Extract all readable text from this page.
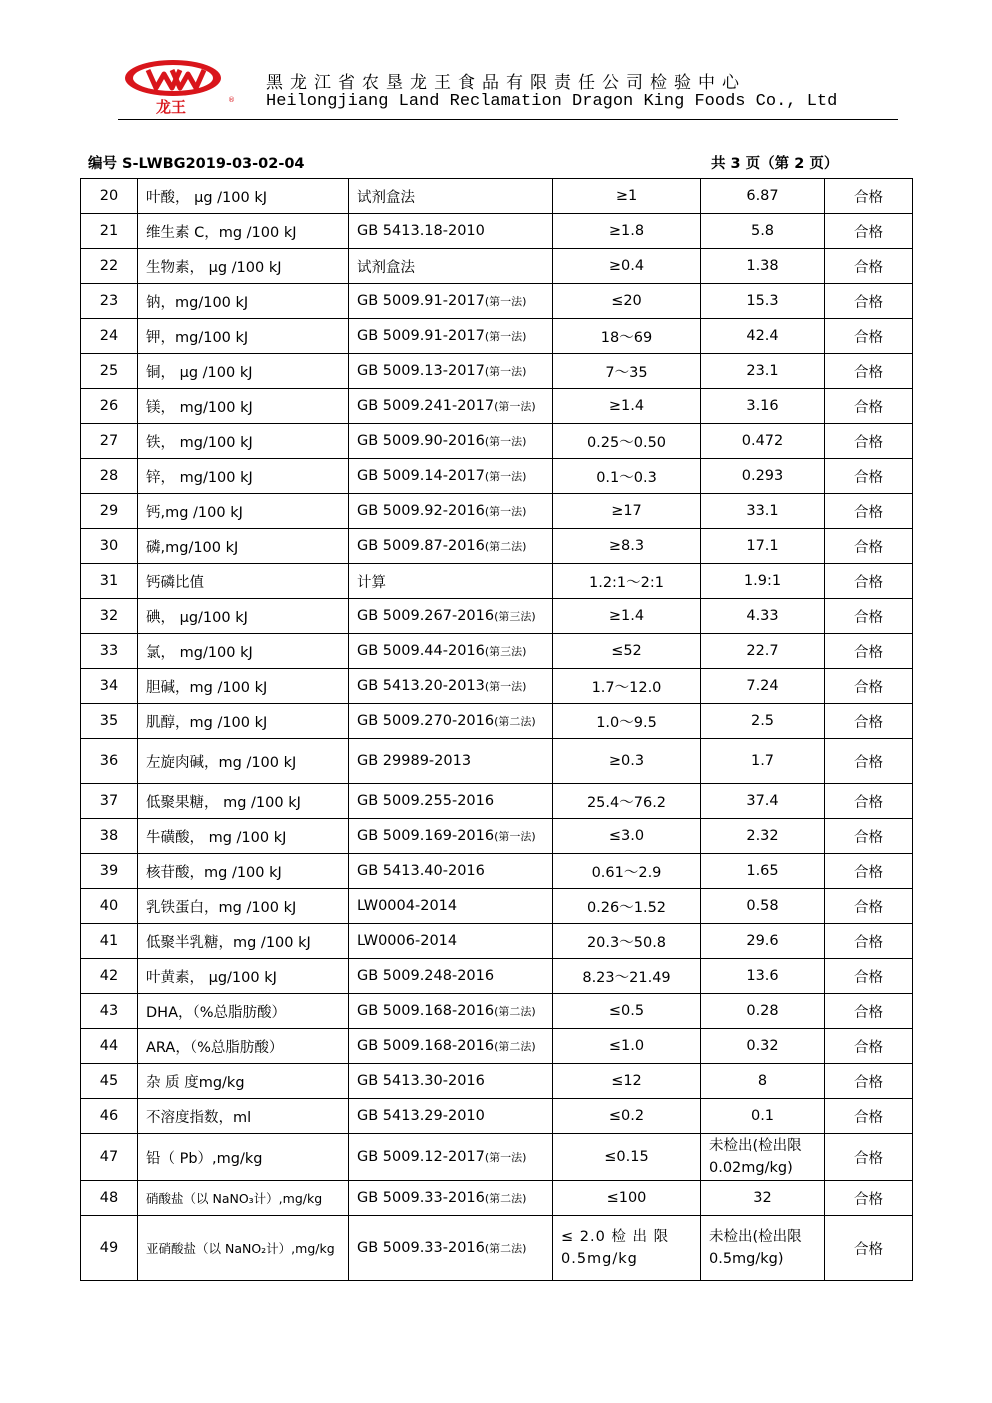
龙王	®
黑龙江省农垦龙王食品有限责任公司检验中心
Heilongjiang Land Reclamation Dragon King Foods Co., Ltd
编号 S-LWBG2019-03-02-04	共 3 页（第 2 页）
20	叶酸， μg /100 kJ	试剂盒法	≥1	6.87	合格
21	维生素 C，mg /100 kJ	GB 5413.18-2010	≥1.8	5.8	合格
22	生物素， μg /100 kJ	试剂盒法	≥0.4	1.38	合格
23	钠，mg/100 kJ	GB 5009.91-2017(第一法)	≤20	15.3	合格
24	钾，mg/100 kJ	GB 5009.91-2017(第一法)	18～69	42.4	合格
25	铜， μg /100 kJ	GB 5009.13-2017(第一法)	7～35	23.1	合格
26	镁， mg/100 kJ	GB 5009.241-2017(第一法)	≥1.4	3.16	合格
27	铁， mg/100 kJ	GB 5009.90-2016(第一法)	0.25～0.50	0.472	合格
28	锌， mg/100 kJ	GB 5009.14-2017(第一法)	0.1～0.3	0.293	合格
29	钙,mg /100 kJ	GB 5009.92-2016(第一法)	≥17	33.1	合格
30	磷,mg/100 kJ	GB 5009.87-2016(第二法)	≥8.3	17.1	合格
31	钙磷比值	计算	1.2:1～2:1	1.9:1	合格
32	碘， μg/100 kJ	GB 5009.267-2016(第三法)	≥1.4	4.33	合格
33	氯， mg/100 kJ	GB 5009.44-2016(第三法)	≤52	22.7	合格
34	胆碱，mg /100 kJ	GB 5413.20-2013(第一法)	1.7～12.0	7.24	合格
35	肌醇，mg /100 kJ	GB 5009.270-2016(第二法)	1.0～9.5	2.5	合格
36	左旋肉碱，mg /100 kJ	GB 29989-2013	≥0.3	1.7	合格
37	低聚果糖， mg /100 kJ	GB 5009.255-2016	25.4～76.2	37.4	合格
38	牛磺酸， mg /100 kJ	GB 5009.169-2016(第一法)	≤3.0	2.32	合格
39	核苷酸，mg /100 kJ	GB 5413.40-2016	0.61～2.9	1.65	合格
40	乳铁蛋白，mg /100 kJ	LW0004-2014	0.26～1.52	0.58	合格
41	低聚半乳糖，mg /100 kJ	LW0006-2014	20.3～50.8	29.6	合格
42	叶黄素， μg/100 kJ	GB 5009.248-2016	8.23～21.49	13.6	合格
43	DHA，（%总脂肪酸）	GB 5009.168-2016(第二法)	≤0.5	0.28	合格
44	ARA，（%总脂肪酸）	GB 5009.168-2016(第二法)	≤1.0	0.32	合格
45	杂 质 度mg/kg	GB 5413.30-2016	≤12	8	合格
46	不溶度指数，ml	GB 5413.29-2010	≤0.2	0.1	合格
47	铅（ Pb）,mg/kg	GB 5009.12-2017(第一法)	≤0.15	未检出(检出限 0.02mg/kg)	合格
48	硝酸盐（以 NaNO₃计）,mg/kg	GB 5009.33-2016(第二法)	≤100	32	合格
49	亚硝酸盐（以 NaNO₂计）,mg/kg	GB 5009.33-2016(第二法)	≤ 2.0 检 出 限 0.5mg/kg	未检出(检出限 0.5mg/kg)	合格
